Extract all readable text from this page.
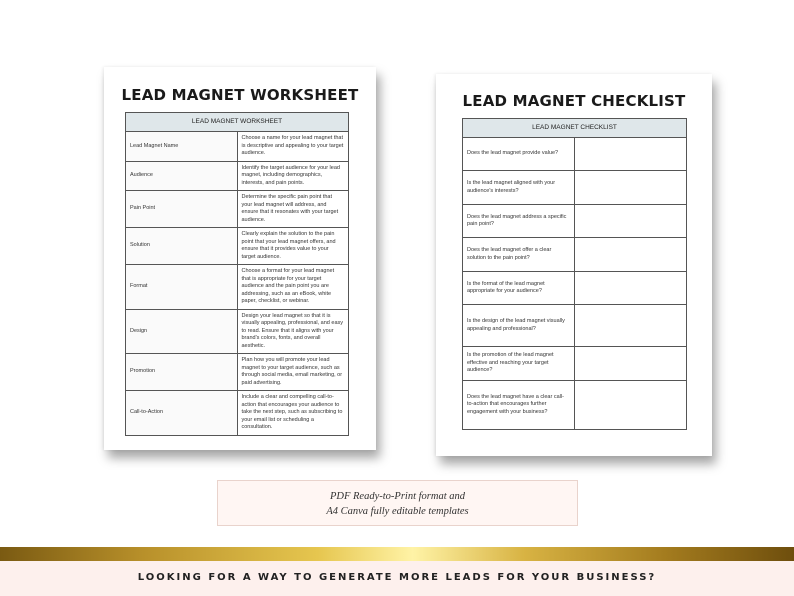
LEAD MAGNET WORKSHEET
LEAD MAGNET WORKSHEET	
Lead Magnet Name	Choose a name for your lead magnet that is descriptive and appealing to your target audience.
Audience	Identify the target audience for your lead magnet, including demographics, interests, and pain points.
Pain Point	Determine the specific pain point that your lead magnet will address, and ensure that it resonates with your target audience.
Solution	Clearly explain the solution to the pain point that your lead magnet offers, and ensure that it provides value to your target audience.
Format	Choose a format for your lead magnet that is appropriate for your target audience and the pain point you are addressing, such as an eBook, white paper, checklist, or webinar.
Design	Design your lead magnet so that it is visually appealing, professional, and easy to read. Ensure that it aligns with your brand's colors, fonts, and overall aesthetic.
Promotion	Plan how you will promote your lead magnet to your target audience, such as through social media, email marketing, or paid advertising.
Call-to-Action	Include a clear and compelling call-to-action that encourages your audience to take the next step, such as subscribing to your email list or scheduling a consultation.
LEAD MAGNET CHECKLIST
LEAD MAGNET CHECKLIST	
Does the lead magnet provide value?	
Is the lead magnet aligned with your audience's interests?	
Does the lead magnet address a specific pain point?	
Does the lead magnet offer a clear solution to the pain point?	
Is the format of the lead magnet appropriate for your audience?	
Is the design of the lead magnet visually appealing and professional?	
Is the promotion of the lead magnet effective and reaching your target audience?	
Does the lead magnet have a clear call-to-action that encourages further engagement with your business?	
PDF Ready-to-Print format and
A4 Canva fully editable templates
LOOKING FOR A WAY TO GENERATE MORE LEADS FOR YOUR BUSINESS?
